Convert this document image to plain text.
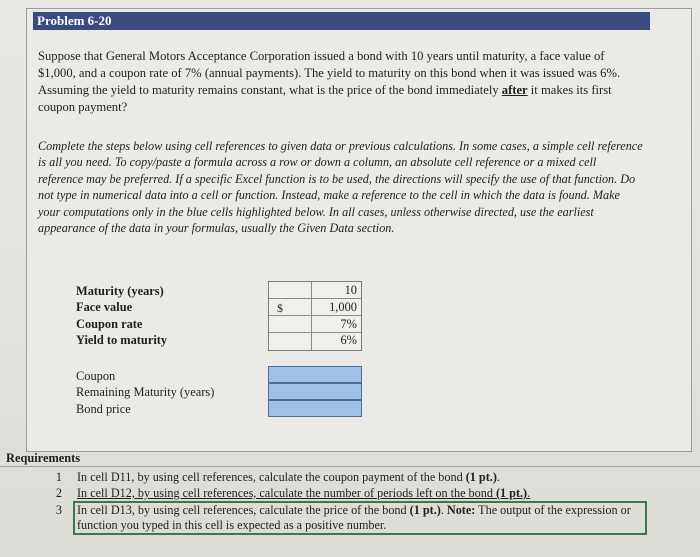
Problem 6-20
Suppose that General Motors Acceptance Corporation issued a bond with 10 years until maturity, a face value of $1,000, and a coupon rate of 7% (annual payments). The yield to maturity on this bond when it was issued was 6%. Assuming the yield to maturity remains constant, what is the price of the bond immediately after it makes its first coupon payment?
Complete the steps below using cell references to given data or previous calculations. In some cases, a simple cell reference is all you need. To copy/paste a formula across a row or down a column, an absolute cell reference or a mixed cell reference may be preferred. If a specific Excel function is to be used, the directions will specify the use of that function. Do not type in numerical data into a cell or function. Instead, make a reference to the cell in which the data is found. Make your computations only in the blue cells highlighted below. In all cases, unless otherwise directed, use the earliest appearance of the data in your formulas, usually the Given Data section.
Maturity (years)
Face value
Coupon rate
Yield to maturity
$
10
1,000
7%
6%
Coupon
Remaining Maturity (years)
Bond price
Requirements
1 In cell D11, by using cell references, calculate the coupon payment of the bond (1 pt.).
2 In cell D12, by using cell references, calculate the number of periods left on the bond (1 pt.).
3 In cell D13, by using cell references, calculate the price of the bond (1 pt.). Note: The output of the expression or function you typed in this cell is expected as a positive number.
